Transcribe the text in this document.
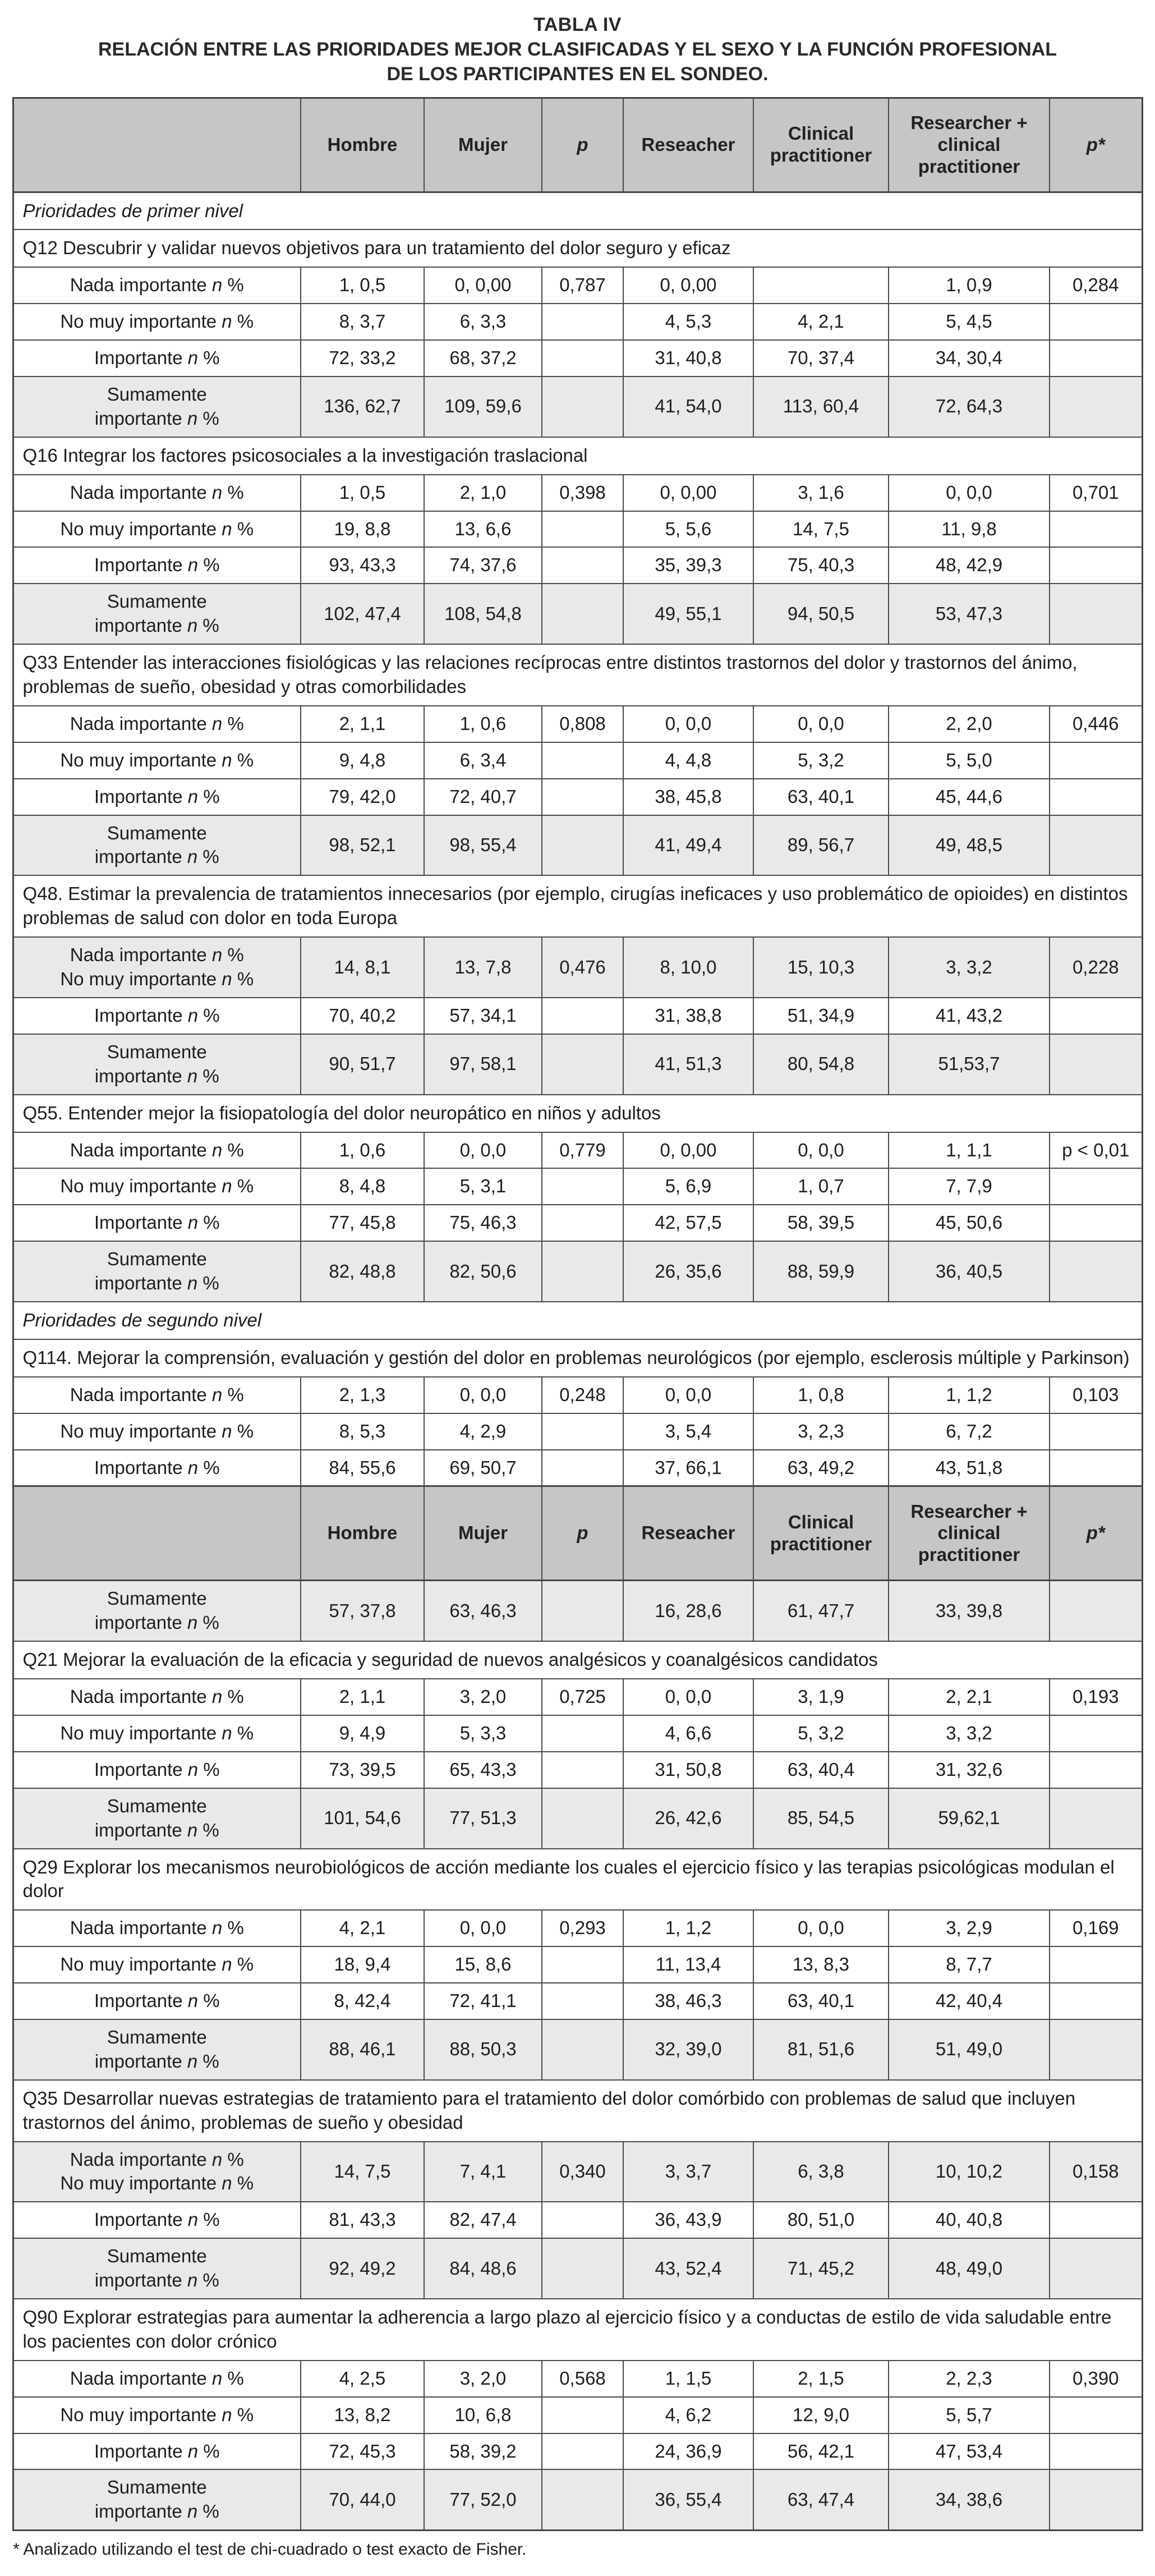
TABLA IV
RELACIÓN ENTRE LAS PRIORIDADES MEJOR CLASIFICADAS Y EL SEXO Y LA FUNCIÓN PROFESIONAL
DE LOS PARTICIPANTES EN EL SONDEO.
	Hombre	Mujer	p	Reseacher	Clinical practitioner	Researcher + clinical practitioner	p*
Prioridades de primer nivel							
Q12 Descubrir y validar nuevos objetivos para un tratamiento del dolor seguro y eficaz							
Nada importante n %	1, 0,5	0, 0,00	0,787	0, 0,00		1, 0,9	0,284
No muy importante n %	8, 3,7	6, 3,3		4, 5,3	4, 2,1	5, 4,5	
Importante n %	72, 33,2	68, 37,2		31, 40,8	70, 37,4	34, 30,4	
Sumamente
importante n %	136, 62,7	109, 59,6		41, 54,0	113, 60,4	72, 64,3	
Q16 Integrar los factores psicosociales a la investigación traslacional							
Nada importante n %	1, 0,5	2, 1,0	0,398	0, 0,00	3, 1,6	0, 0,0	0,701
No muy importante n %	19, 8,8	13, 6,6		5, 5,6	14, 7,5	11, 9,8	
Importante n %	93, 43,3	74, 37,6		35, 39,3	75, 40,3	48, 42,9	
Sumamente
importante n %	102, 47,4	108, 54,8		49, 55,1	94, 50,5	53, 47,3	
Q33 Entender las interacciones fisiológicas y las relaciones recíprocas entre distintos trastornos del dolor y trastornos del ánimo, problemas de sueño, obesidad y otras comorbilidades							
Nada importante n %	2, 1,1	1, 0,6	0,808	0, 0,0	0, 0,0	2, 2,0	0,446
No muy importante n %	9, 4,8	6, 3,4		4, 4,8	5, 3,2	5, 5,0	
Importante n %	79, 42,0	72, 40,7		38, 45,8	63, 40,1	45, 44,6	
Sumamente
importante n %	98, 52,1	98, 55,4		41, 49,4	89, 56,7	49, 48,5	
Q48. Estimar la prevalencia de tratamientos innecesarios (por ejemplo, cirugías ineficaces y uso problemático de opioides) en distintos problemas de salud con dolor en toda Europa							
Nada importante n %
No muy importante n %	14, 8,1	13, 7,8	0,476	8, 10,0	15, 10,3	3, 3,2	0,228
Importante n %	70, 40,2	57, 34,1		31, 38,8	51, 34,9	41, 43,2	
Sumamente
importante n %	90, 51,7	97, 58,1		41, 51,3	80, 54,8	51,53,7	
Q55. Entender mejor la fisiopatología del dolor neuropático en niños y adultos							
Nada importante n %	1, 0,6	0, 0,0	0,779	0, 0,00	0, 0,0	1, 1,1	p < 0,01
No muy importante n %	8, 4,8	5, 3,1		5, 6,9	1, 0,7	7, 7,9	
Importante n %	77, 45,8	75, 46,3		42, 57,5	58, 39,5	45, 50,6	
Sumamente
importante n %	82, 48,8	82, 50,6		26, 35,6	88, 59,9	36, 40,5	
Prioridades de segundo nivel							
Q114. Mejorar la comprensión, evaluación y gestión del dolor en problemas neurológicos (por ejemplo, esclerosis múltiple y Parkinson)							
Nada importante n %	2, 1,3	0, 0,0	0,248	0, 0,0	1, 0,8	1, 1,2	0,103
No muy importante n %	8, 5,3	4, 2,9		3, 5,4	3, 2,3	6, 7,2	
Importante n %	84, 55,6	69, 50,7		37, 66,1	63, 49,2	43, 51,8	
	Hombre	Mujer	p	Reseacher	Clinical practitioner	Researcher + clinical practitioner	p*
Sumamente
importante n %	57, 37,8	63, 46,3		16, 28,6	61, 47,7	33, 39,8	
Q21 Mejorar la evaluación de la eficacia y seguridad de nuevos analgésicos y coanalgésicos candidatos							
Nada importante n %	2, 1,1	3, 2,0	0,725	0, 0,0	3, 1,9	2, 2,1	0,193
No muy importante n %	9, 4,9	5, 3,3		4, 6,6	5, 3,2	3, 3,2	
Importante n %	73, 39,5	65, 43,3		31, 50,8	63, 40,4	31, 32,6	
Sumamente
importante n %	101, 54,6	77, 51,3		26, 42,6	85, 54,5	59,62,1	
Q29 Explorar los mecanismos neurobiológicos de acción mediante los cuales el ejercicio físico y las terapias psicológicas modulan el dolor							
Nada importante n %	4, 2,1	0, 0,0	0,293	1, 1,2	0, 0,0	3, 2,9	0,169
No muy importante n %	18, 9,4	15, 8,6		11, 13,4	13, 8,3	8, 7,7	
Importante n %	8, 42,4	72, 41,1		38, 46,3	63, 40,1	42, 40,4	
Sumamente
importante n %	88, 46,1	88, 50,3		32, 39,0	81, 51,6	51, 49,0	
Q35 Desarrollar nuevas estrategias de tratamiento para el tratamiento del dolor comórbido con problemas de salud que incluyen trastornos del ánimo, problemas de sueño y obesidad							
Nada importante n %
No muy importante n %	14, 7,5	7, 4,1	0,340	3, 3,7	6, 3,8	10, 10,2	0,158
Importante n %	81, 43,3	82, 47,4		36, 43,9	80, 51,0	40, 40,8	
Sumamente
importante n %	92, 49,2	84, 48,6		43, 52,4	71, 45,2	48, 49,0	
Q90 Explorar estrategias para aumentar la adherencia a largo plazo al ejercicio físico y a conductas de estilo de vida saludable entre los pacientes con dolor crónico							
Nada importante n %	4, 2,5	3, 2,0	0,568	1, 1,5	2, 1,5	2, 2,3	0,390
No muy importante n %	13, 8,2	10, 6,8		4, 6,2	12, 9,0	5, 5,7	
Importante n %	72, 45,3	58, 39,2		24, 36,9	56, 42,1	47, 53,4	
Sumamente
importante n %	70, 44,0	77, 52,0		36, 55,4	63, 47,4	34, 38,6	
* Analizado utilizando el test de chi-cuadrado o test exacto de Fisher.
